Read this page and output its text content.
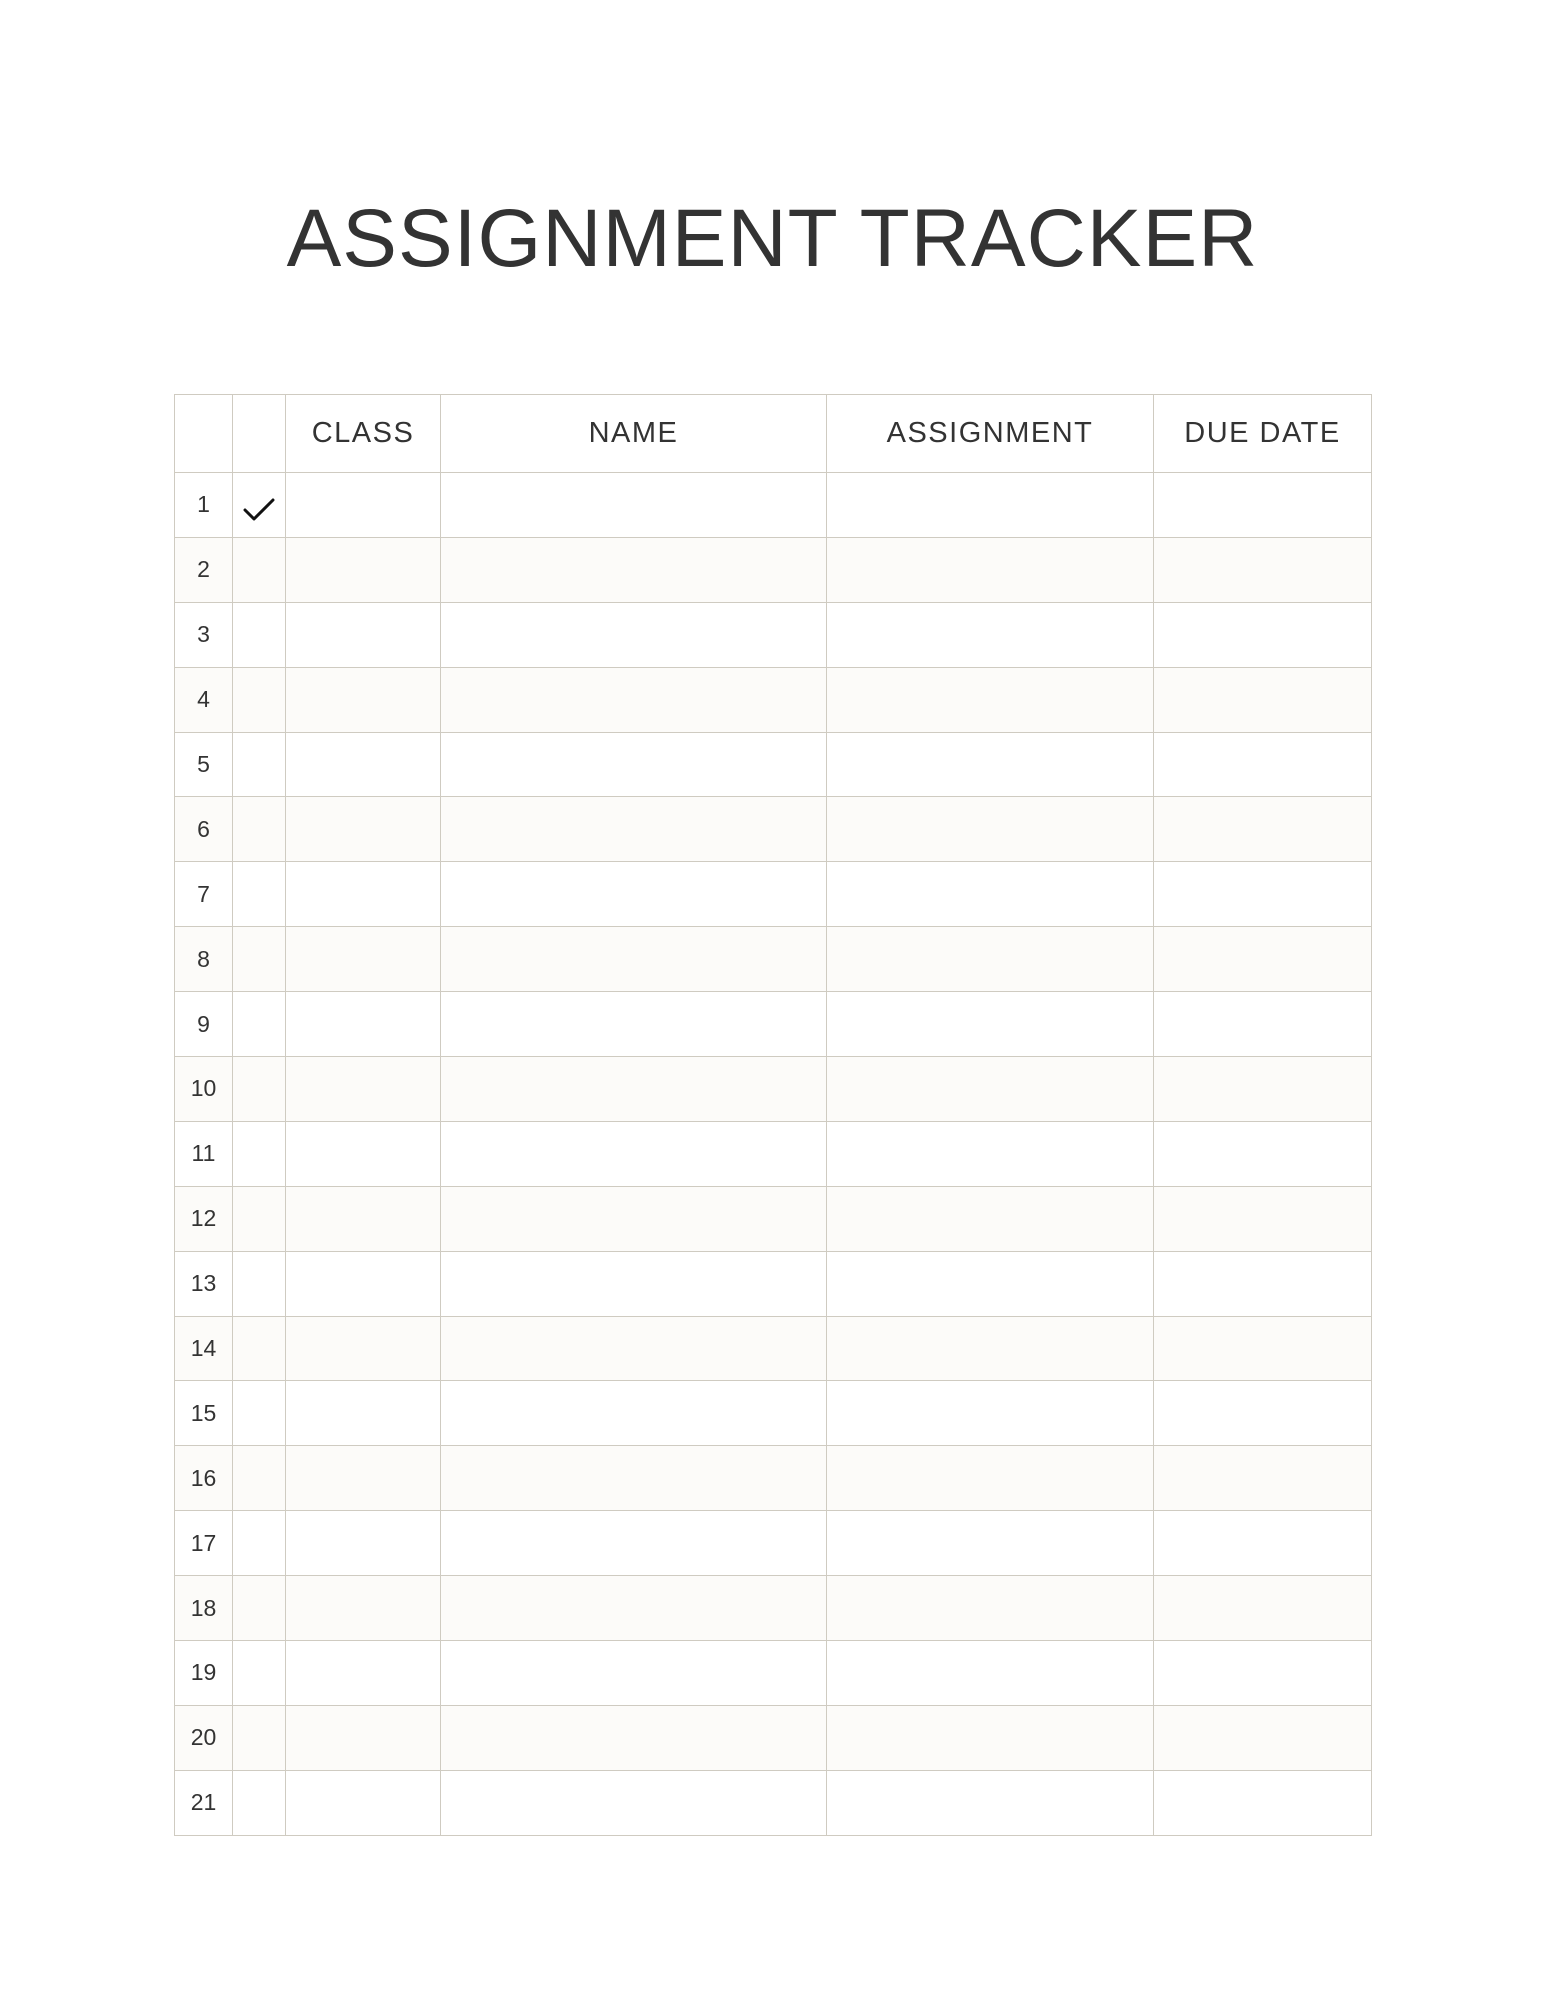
ASSIGNMENT TRACKER
		CLASS	NAME	ASSIGNMENT	DUE DATE
1	

2					
3					
4					
5					
6					
7					
8					
9					
10					
11					
12					
13					
14					
15					
16					
17					
18					
19					
20					
21					
